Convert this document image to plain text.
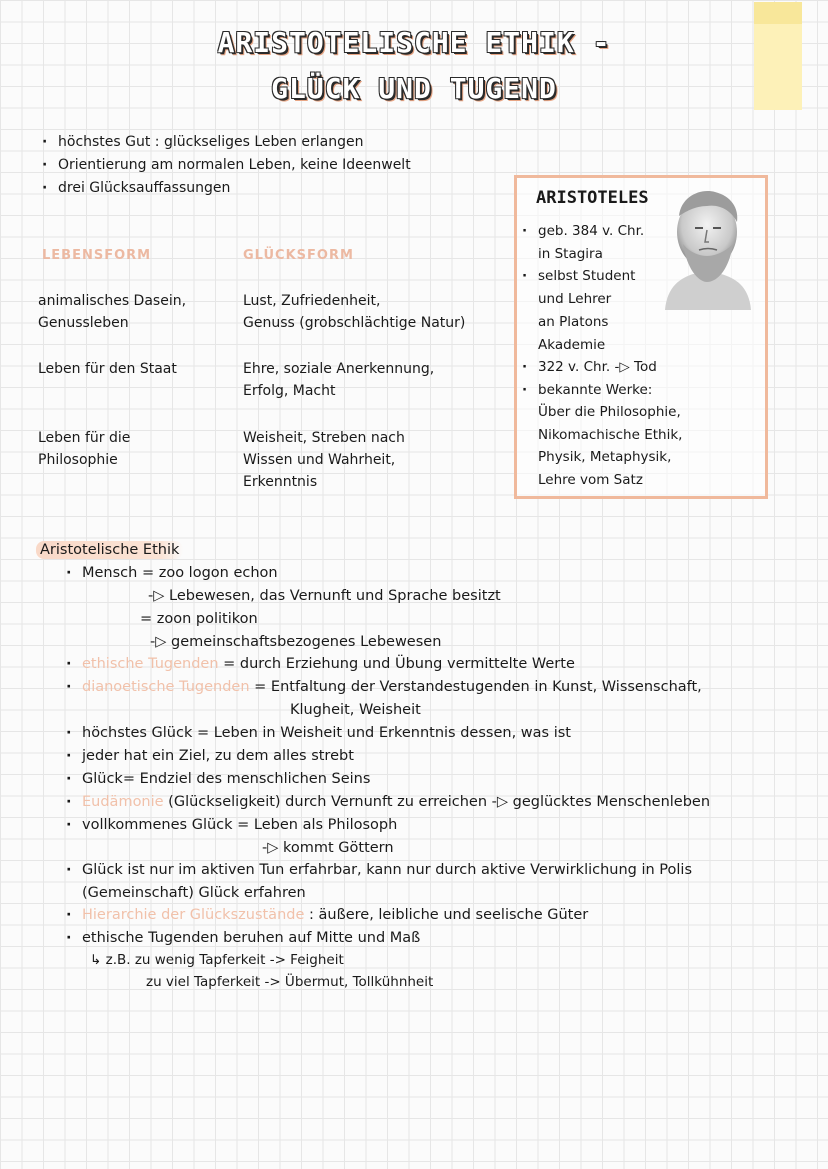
ARISTOTELISCHE ETHIK -
GLÜCK UND TUGEND
· höchstes Gut : glückseliges Leben erlangen
· Orientierung am normalen Leben, keine Ideenwelt
· drei Glücksauffassungen
LEBENSFORM	GLÜCKSFORM
animalisches Dasein,
Genussleben
Lust, Zufriedenheit,
Genuss (grobschlächtige Natur)
Leben für den Staat	Ehre, soziale Anerkennung,
Erfolg, Macht
Leben für die
Philosophie
Weisheit, Streben nach
Wissen und Wahrheit,
Erkenntnis
ARISTOTELES
· geb. 384 v. Chr.
in Stagira
· selbst Student
und Lehrer
an Platons
Akademie
· 322 v. Chr. -▷ Tod
· bekannte Werke:
Über die Philosophie,
Nikomachische Ethik,
Physik, Metaphysik,
Lehre vom Satz
Aristotelische Ethik
· Mensch = zoo logon echon
-▷ Lebewesen, das Vernunft und Sprache besitzt
= zoon politikon
-▷ gemeinschaftsbezogenes Lebewesen
· ethische Tugenden = durch Erziehung und Übung vermittelte Werte
· dianoetische Tugenden = Entfaltung der Verstandestugenden in Kunst, Wissenschaft,
Klugheit, Weisheit
· höchstes Glück = Leben in Weisheit und Erkenntnis dessen, was ist
· jeder hat ein Ziel, zu dem alles strebt
· Glück= Endziel des menschlichen Seins
· Eudämonie (Glückseligkeit) durch Vernunft zu erreichen -▷ geglücktes Menschenleben
· vollkommenes Glück = Leben als Philosoph
-▷ kommt Göttern
· Glück ist nur im aktiven Tun erfahrbar, kann nur durch aktive Verwirklichung in Polis
(Gemeinschaft) Glück erfahren
· Hierarchie der Glückszustände : äußere, leibliche und seelische Güter
· ethische Tugenden beruhen auf Mitte und Maß
↳ z.B. zu wenig Tapferkeit -> Feigheit
zu viel Tapferkeit -> Übermut, Tollkühnheit
